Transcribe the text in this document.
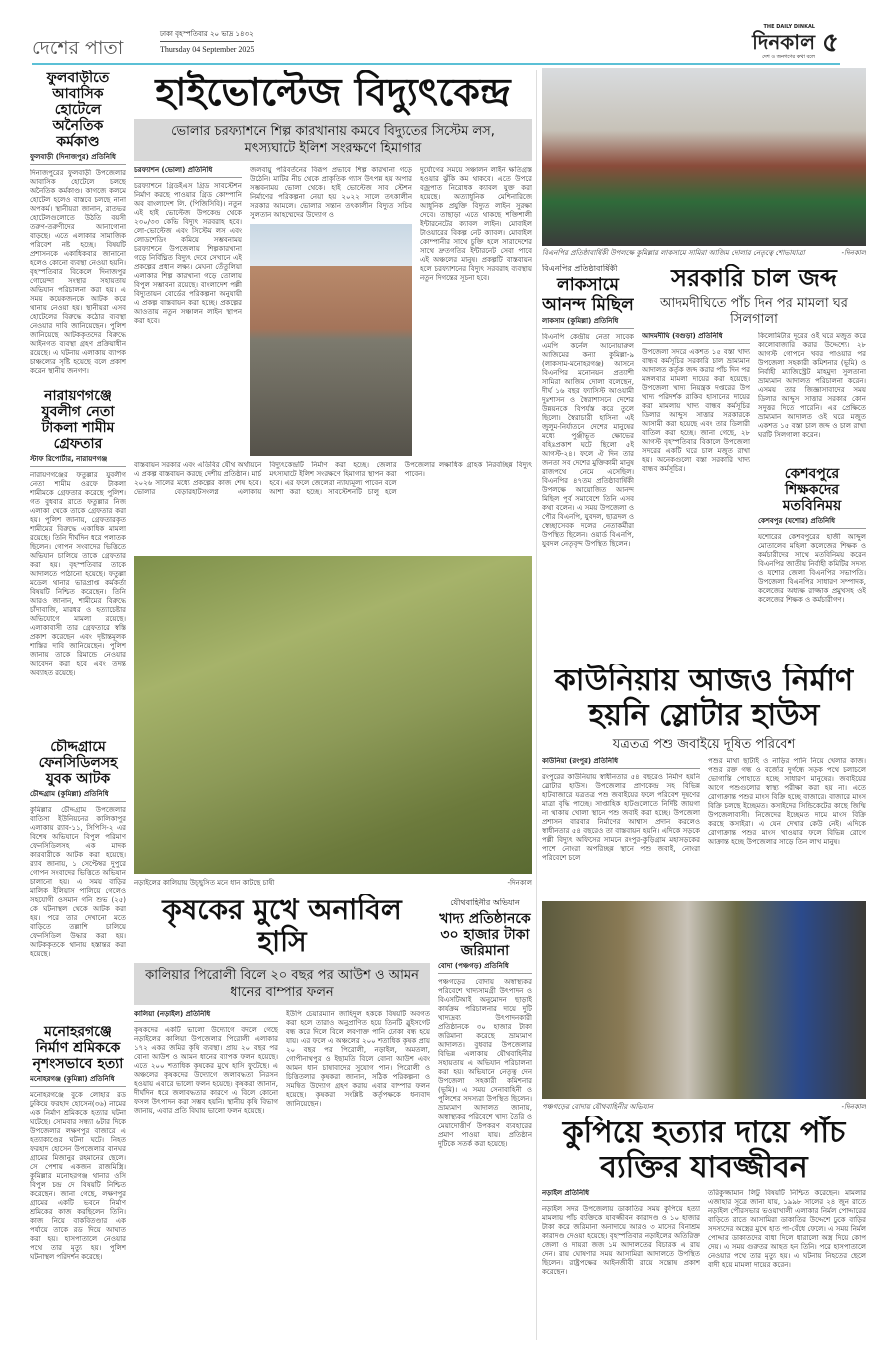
দেশের পাতা
ঢাকা বৃহস্পতিবার ২০ ভাদ্র ১৪৩২
Thursday 04 September 2025
THE DAILY DINKAL
দিনকাল
দেশ ও জনগণের কথা বলে ৫
ফুলবাড়ীতে আবাসিক হোটেলে অনৈতিক কর্মকাণ্ড
ফুলবাড়ী (দিনাজপুর) প্রতিনিধি
দিনাজপুরের ফুলবাড়ী উপজেলার আবাসিক হোটেলে চলছে অনৈতিক কর্মকাণ্ড। কাগজে কলমে হোটেল হলেও বাস্তবে চলছে নানা অপকর্ম। স্থানীয়রা জানান, রাতভর হোটেলগুলোতে উঠতি বয়সী তরুণ-তরুণীদের আনাগোনা বাড়ছে। এতে এলাকার সামাজিক পরিবেশ নষ্ট হচ্ছে। বিষয়টি প্রশাসনকে একাধিকবার জানানো হলেও কোনো ব্যবস্থা নেওয়া হয়নি। বৃহস্পতিবার বিকেলে দিনাজপুর গোয়েন্দা সংস্থার সহায়তায় অভিযান পরিচালনা করা হয়। এ সময় কয়েকজনকে আটক করে থানায় নেওয়া হয়। স্থানীয়রা এসব হোটেলের বিরুদ্ধে কঠোর ব্যবস্থা নেওয়ার দাবি জানিয়েছেন। পুলিশ জানিয়েছে আটককৃতদের বিরুদ্ধে আইনগত ব্যবস্থা গ্রহণ প্রক্রিয়াধীন রয়েছে। এ ঘটনায় এলাকায় ব্যাপক চাঞ্চল্যের সৃষ্টি হয়েছে বলে প্রকাশ করেন স্থানীয় জনগণ।
নারায়ণগঞ্জে যুবলীগ নেতা টাকলা শামীম গ্রেফতার
স্টাফ রিপোর্টার, নারায়ণগঞ্জ
নারায়ণগঞ্জের ফতুল্লার যুবলীগ নেতা শামীম ওরফে টাকলা শামীমকে গ্রেফতার করেছে পুলিশ। গত বুধবার রাতে ফতুল্লার নিজ এলাকা থেকে তাকে গ্রেফতার করা হয়। পুলিশ জানায়, গ্রেফতারকৃত শামীমের বিরুদ্ধে একাধিক মামলা রয়েছে। তিনি দীর্ঘদিন ধরে পলাতক ছিলেন। গোপন সংবাদের ভিত্তিতে অভিযান চালিয়ে তাকে গ্রেফতার করা হয়। বৃহস্পতিবার তাকে আদালতে পাঠানো হয়েছে। ফতুল্লা মডেল থানার ভারপ্রাপ্ত কর্মকর্তা বিষয়টি নিশ্চিত করেছেন। তিনি আরও জানান, শামীমের বিরুদ্ধে চাঁদাবাজি, মারধর ও হত্যাচেষ্টার অভিযোগে মামলা রয়েছে। এলাকাবাসী তার গ্রেফতারে স্বস্তি প্রকাশ করেছেন এবং দৃষ্টান্তমূলক শাস্তির দাবি জানিয়েছেন। পুলিশ জানায় তাকে রিমান্ডে নেওয়ার আবেদন করা হবে এবং তদন্ত অব্যাহত রয়েছে।
চৌদ্দগ্রামে ফেনসিডিলসহ যুবক আটক
চৌদ্দগ্রাম (কুমিল্লা) প্রতিনিধি
কুমিল্লার চৌদ্দগ্রাম উপজেলার বাতিসা ইউনিয়নের কালিকাপুর এলাকায় র‍্যাব-১১, সিপিসি-২ এর বিশেষ অভিযানে বিপুল পরিমাণ ফেনসিডিলসহ এক মাদক কারবারীকে আটক করা হয়েছে। র‍্যাব জানায়, ১ সেপ্টেম্বর দুপুরে গোপন সংবাদের ভিত্তিতে অভিযান চালানো হয়। এ সময় বাড়ির মালিক ইলিয়াস পালিয়ে গেলেও সহযোগী ওসমান গনি শুভ (২৫) কে ঘটনাস্থল থেকে আটক করা হয়। পরে তার দেখানো মতে বাড়িতে তল্লাশি চালিয়ে ফেনসিডিল উদ্ধার করা হয়। আটককৃতকে থানায় হস্তান্তর করা হয়েছে।
মনোহরগঞ্জে নির্মাণ শ্রমিককে নৃশংসভাবে হত্যা
মনোহরগঞ্জ (কুমিল্লা) প্রতিনিধি
মনোহরগঞ্জে বুকে লোহার রড ঢুকিয়ে ফরহাদ হোসেন(৩৬) নামের এক নির্মাণ শ্রমিককে হত্যার ঘটনা ঘটেছে। সোমবার সন্ধ্যা ৬টার দিকে উপজেলার লক্ষণপুর বাজারে এ হত্যাকাণ্ডের ঘটনা ঘটে। নিহত ফরহাদ হোসেন উপজেলার বানঘর গ্রামের মিজানুর রহমানের ছেলে। সে পেশায় একজন রাজমিস্ত্রি। কুমিল্লার মনোহরগঞ্জ থানার ওসি বিপুল চন্দ্র দে বিষয়টি নিশ্চিত করেছেন। জানা গেছে, লক্ষণপুর গ্রামের একটি ভবনে নির্মাণ শ্রমিকের কাজ করছিলেন তিনি। কাজ নিয়ে বাকবিতণ্ডার এক পর্যায়ে তাকে রড দিয়ে আঘাত করা হয়। হাসপাতালে নেওয়ার পথে তার মৃত্যু হয়। পুলিশ ঘটনাস্থল পরিদর্শন করেছে।
হাইভোল্টেজ বিদ্যুৎকেন্দ্র
ভোলার চরফ্যাশনে শিল্প কারখানায় কমবে বিদ্যুতের সিস্টেম লস, মৎস্যঘাটে ইলিশ সংরক্ষণে হিমাগার
চরফ্যাশন (ভোলা) প্রতিনিধি
চরফ্যাশনে গ্রিডইএস গ্রিড সাবস্টেশন নির্মাণ করছে পাওয়ার গ্রিড কোম্পানি অব বাংলাদেশ লি. (পিজিসিবি)। নতুন এই হাই ভোল্টেজ উপকেন্দ্র থেকে ২৩০/৩৩ কেভি বিদ্যুৎ সরবরাহ হবে। লো-ভোল্টেজ এবং সিস্টেম লস এবং লোডশেডিং কমিয়ে সম্ভবনাময় চরফ্যাশনে উপজেলায় শিল্পকারখানা গড়ে নির্বিঘ্নিত বিদ্যুৎ দেবে সেখানে এই প্রকল্পের প্রধান লক্ষ্য। মেঘনা তেঁতুলিয়া এলাকার শিল্প কারখানা গড়ে তোলায় বিপুল সম্ভাবনা রয়েছে। বাংলাদেশ পল্লী বিদ্যুতায়ন বোর্ডের পরিকল্পনা অনুযায়ী এ প্রকল্প বাস্তবায়ন করা হচ্ছে। প্রকল্পের আওতায় নতুন সঞ্চালন লাইন স্থাপন করা হবে।
জলবায়ু পরিবর্তনের বিরূপ প্রভাবে শিল্প কারখানা গড়ে উঠেনি। মাটির নীচ থেকে প্রাকৃতিক গ্যাস উৎপন্ন হয় অপার সম্ভবনাময় ভোলা থেকে। হাই ভোল্টেজ সাব স্টেশন নির্মাণের পরিকল্পনা নেয়া হয় ২০২২ সালে তৎকালীন সরকার আমলে। ভোলার সন্তান তৎকালীন বিদ্যুত সচিব সুলতান আহম্মেদের উদ্যোগ ও
দুর্যোগের সময়ে সঞ্চালন লাইন ক্ষতিগ্রস্ত হওয়ার ঝুঁকি কম থাকবে। এতে উপরে বজ্রপাত নিরোধক ক্যাবল যুক্ত করা হয়েছে। অত্যাধুনিক মেশিনারিজে আধুনিক প্রযুক্তি বিদ্যুত লাইন সুরক্ষা দেবে। তাছাড়া এতে থাকছে শক্তিশালী ইন্টারনেটের ক্যাবল লাইন। মোবাইল টাওয়ারের বিকল্প নেট ক্যাবল। মোবাইল কোম্পানীর সাথে চুক্তি হলে সারাদেশের সাথে দ্রুতগতির ইন্টারনেট সেবা পাবে এই অঞ্চলের মানুষ। প্রকল্পটি বাস্তবায়ন হলে চরফ্যাশনের বিদ্যুৎ সরবরাহ ব্যবস্থায় নতুন দিগন্তের সূচনা হবে।
বাস্তবায়ন সরকার এবং এডিবির যৌথ অর্থায়নে এ প্রকল্প বাস্তবায়ন করছে দেশীয় প্রতিষ্ঠান। মার্চ ২০২৬ সালের মধ্যে প্রকল্পের কাজ শেষ হবে। ভোলার বেড়ারহাটসংলগ্ন এলাকায় বিদ্যুৎকেন্দ্রটি নির্মাণ করা হচ্ছে। জেলার মৎস্যঘাটে ইলিশ সংরক্ষণে হিমাগার স্থাপন করা হবে। এর ফলে জেলেরা ন্যায্যমূল্য পাবেন বলে আশা করা হচ্ছে। সাবস্টেশনটি চালু হলে উপজেলার লক্ষাধিক গ্রাহক নিরবচ্ছিন্ন বিদ্যুৎ পাবেন।
নড়াইলের কালিয়ায় উচ্ছ্বসিত মনে ধান কাটছে চাষী	-দিনকাল
বিএনপির প্রতিষ্ঠাবার্ষিকী উপলক্ষে কুমিল্লার লাকসামে সামিরা আজিম দোলার নেতৃত্বে শোভাযাত্রা	-দিনকাল
বিএনপির প্রতিষ্ঠাবার্ষিকী
লাকসামে আনন্দ মিছিল
লাকসাম (কুমিল্লা) প্রতিনিধি
বিএনপি কেন্দ্রীয় নেতা সাবেক এমপি কর্নেল আনোয়ারুল আজিমের কন্যা কুমিল্লা-৯ (লাকসাম-মনোহরগঞ্জ) আসনে বিএনপির মনোনয়ন প্রত্যাশী সামিরা আজিম দোলা বলেছেন, দীর্ঘ ১৬ বছর ফ্যাসিস্ট আওয়ামী দুঃশাসন ও স্বৈরাশাসনে দেশের উন্নয়নকে বিপর্যস্ত করে তুলে ছিলো। স্বৈরাচারী হাসিনা এই জুলুম-নির্যাতনে দেশের মানুষের মধ্যে পুঞ্জীভূত ক্ষোভের বহিঃপ্রকাশ ঘটে ছিলো ৫ই আগস্ট-২৪। ফলে ঐ দিন তার জনতা সব দেশের মুক্তিকামী মানুষ রাজপথে নেমে এসেছিল। বিএনপির ৪৭তম প্রতিষ্ঠাবার্ষিকী উপলক্ষে আয়োজিত আনন্দ মিছিল পূর্ব সমাবেশে তিনি এসব কথা বলেন। এ সময় উপজেলা ও পৌর বিএনপি, যুবদল, ছাত্রদল ও স্বেচ্ছাসেবক দলের নেতাকর্মীরা উপস্থিত ছিলেন। ওয়ার্ড বিএনপি, যুবদল নেতৃবৃন্দ উপস্থিত ছিলেন।
সরকারি চাল জব্দ
আদমদীঘিতে পাঁচ দিন পর মামলা ঘর সিলগালা
আদমদীঘি (বগুড়া) প্রতিনিধি
উপজেলা সদরে একশত ১৫ বস্তা খাদ্য বান্ধব কর্মসূচির সরকারি চাল ভ্রাম্যমান আদালত কর্তৃক জব্দ করার পাঁচ দিন পর মঙ্গলবার মামলা দায়ের করা হয়েছে। উপজেলা খাদ্য নিয়ন্ত্রক দপ্তরের উপ খাদ্য পরিদর্শক রাকিব হাসানের দায়ের করা মামলায় খাদ্য বান্ধব কর্মসূচির ডিলার আব্দুস সাত্তার সরকারকে আসামী করা হয়েছে এবং তার ডিলারী বাতিল করা হচ্ছে। জানা গেছে, ২৮ আগস্ট বৃহস্পতিবার বিকালে উপজেলা সদরের একটি ঘরে চাল মজুত রাখা হয়। অনেকগুলো বস্তা সরকারি খাদ্য বান্ধব কর্মসূচির।
কিলোমিটার দূরের ওই ঘরে মজুত করে কালোবাজারি করার উদ্দেশ্যে। ২৮ আগস্ট গোপনে খবর পাওয়ার পর উপজেলা সহকারী কমিশনার (ভূমি) ও নির্বাহী ম্যাজিস্ট্রেট মাহমুদা সুলতানা ভ্রাম্যমান আদালত পরিচালনা করেন। এসময় তার জিজ্ঞাসাবাদের সময় ডিলার আব্দুস সাত্তার সরকার কোন সদুত্তর দিতে পারেনি। এর প্রেক্ষিতে ভ্রাম্যমান আদালত ওই ঘরে মজুত একশত ১৫ বস্তা চাল জব্দ ও চাল রাখা ঘরটি সিলগালা করেন।
কেশবপুরে শিক্ষকদের মতবিনিময়
কেশবপুর (যশোর) প্রতিনিধি
যশোরের কেশবপুরের হাজী আব্দুল মোতালেব মহিলা কলেজের শিক্ষক ও কর্মচারীদের সাথে মতবিনিময় করেন বিএনপির জাতীয় নির্বাহী কমিটির সদস্য ও যশোর জেলা বিএনপির সভাপতি। উপজেলা বিএনপির সাধারণ সম্পাদক, কলেজের অধ্যক্ষ রাজ্জাক প্রমুখসহ ওই কলেজের শিক্ষক ও কর্মচারীগণ।
কাউনিয়ায় আজও নির্মাণ হয়নি স্লোটার হাউস
যত্রতত্র পশু জবাইয়ে দূষিত পরিবেশ
কাউনিয়া (রংপুর) প্রতিনিধি
রংপুরের কাউনিয়ায় স্বাধীনতার ৫৪ বছরেও নির্মাণ হয়নি স্লোটার হাউস। উপজেলার প্রাণকেন্দ্র সহ বিভিন্ন হাটবাজারে যত্রতত্র পশু জবাইয়ের ফলে পরিবেশ দূষণের মাত্রা বৃদ্ধি পাচ্ছে। সাপ্তাহিক হাটগুলোতে নির্দিষ্ট জায়গা না থাকায় খোলা স্থানে পশু জবাই করা হচ্ছে। উপজেলা প্রশাসন বারবার নির্মাণের আশ্বাস প্রদান করলেও স্বাধীনতার ৫৪ বছরেও তা বাস্তবায়ন হয়নি। এদিকে সড়কে পল্লী বিদ্যুৎ অফিসের সামনে রংপুর-কুড়িগ্রাম মহাসড়কের পাশে নোংরা অপরিচ্ছন্ন স্থানে পশু জবাই, নোংরা পরিবেশে চলে
পশুর মাথা ছাটাই ও নাড়ির পানি নিয়ে খেলার কাজ। পশুর রক্ত গন্ধ ও বর্জ্যের দুর্গন্ধে সড়ক পথে চলাচলে ভোগান্তি পোহাতে হচ্ছে সাধারণ মানুষের। জবাইয়ের আগে পশুগুলোর স্বাস্থ্য পরীক্ষা করা হয় না। এতে রোগাক্রান্ত পশুর মাংস বিক্রি হচ্ছে বাজারে। বাজারে মাংস বিক্রি চলছে ইচ্ছেমত। কসাইদের সিন্ডিকেটের কাছে জিম্মি উপজেলাবাসী। নিজেদের ইচ্ছেমত দামে মাংস বিক্রি করছে কসাইরা। এ যেন দেখার কেউ নেই। এদিকে রোগাক্রান্ত পশুর মাংস খাওয়ার ফলে বিভিন্ন রোগে আক্রান্ত হচ্ছে উপজেলার সাড়ে তিন লাখ মানুষ।
পঞ্চগড়ের বোদায় যৌথবাহিনীর অভিযান	-দিনকাল
কুপিয়ে হত্যার দায়ে পাঁচ ব্যক্তির যাবজ্জীবন
নড়াইল প্রতিনিধি
নড়াইল সদর উপজেলায় ডাকাতির সময় কুপিয়ে হত্যা মামলায় পাঁচ ব্যক্তিকে যাবজ্জীবন কারাদণ্ড ও ১০ হাজার টাকা করে জরিমানা অনাদায়ে আরও ৩ মাসের বিনাশ্রম কারাদণ্ড দেওয়া হয়েছে। বৃহস্পতিবার নড়াইলের অতিরিক্ত জেলা ও দায়রা জজ ১ম আদালতের বিচারক এ রায় দেন। রায় ঘোষণার সময় আসামিরা আদালতে উপস্থিত ছিলেন। রাষ্ট্রপক্ষের আইনজীবী রায়ে সন্তোষ প্রকাশ করেছেন।
তরিকুজ্জামান লিটু বিষয়টি নিশ্চিত করেছেন। মামলার এজাহার সূত্রে জানা যায়, ১৯৯৮ সালের ২৪ জুন রাতে নড়াইল পৌরসভার ভওয়াখালী এলাকার নির্মল পোদ্দারের বাড়িতে রাতে আসামিরা ডাকাতির উদ্দেশে ঢুকে বাড়ির সদস্যদের অস্ত্রের মুখে হাত পা-বেঁধে ফেলে। এ সময় নির্মল পোদ্দার ডাকাতদের বাধা দিলে ধারালো অস্ত্র দিয়ে কোপ দেয়। এ সময় গুরুতর আহত হন তিনি। পরে হাসপাতালে নেওয়ার পথে তার মৃত্যু হয়। এ ঘটনায় নিহতের ছেলে বাদী হয়ে মামলা দায়ের করেন।
কৃষকের মুখে অনাবিল হাসি
কালিয়ার পিরোলী বিলে ২০ বছর পর আউশ ও আমন ধানের বাম্পার ফলন
কালিয়া (নড়াইল) প্রতিনিধি
কৃষকদের একটি ভালো উদ্যোগে বদলে গেছে নড়াইলের কালিয়া উপজেলার পিরোলী এলাকার ১৭২ একর জমির কৃষি ব্যবস্থা। প্রায় ২০ বছর পর বোনা আউশ ও আমন ধানের ব্যাপক ফলন হয়েছে। এতে ২০০ শতাধিক কৃষকের মুখে হাসি ফুটেছে। এ অঞ্চলের কৃষকদের উদ্যোগে জলাবদ্ধতা নিরসন হওয়ায় এবারে ভালো ফলন হয়েছে। কৃষকরা জানান, দীর্ঘদিন ধরে জলাবদ্ধতার কারণে এ বিলে কোনো ফসল উৎপাদন করা সম্ভব হয়নি। স্থানীয় কৃষি বিভাগ জানায়, এবার প্রতি বিঘায় ভালো ফলন হয়েছে।
ইউপি চেয়ারম্যান জাহিদুল হককে বিষয়টি অবগত করা হলে তারাও অনুপ্রাণিত হয়ে তিনটি স্লুইসগেট বন্ধ করে দিলে বিলে লবণাক্ত পানি ঢোকা বন্ধ হয়ে যায়। এর ফলে এ অঞ্চলের ২০০ শতাধিক কৃষক প্রায় ২০ বছর পর পিরোলী, নড়াইল, অমতলা, গোপীনাথপুর ও ইছামতি বিলে বোনা আউশ এবং আমন ধান চাষাবাদের সুযোগ পান। পিরোলী ও চিত্তিতলার কৃষকরা জানান, সঠিক পরিকল্পনা ও সমন্বিত উদ্যোগ গ্রহণ করায় এবার বাম্পার ফলন হয়েছে। কৃষকরা সংশ্লিষ্ট কর্তৃপক্ষকে ধন্যবাদ জানিয়েছেন।
যৌথবাহিনীর অভিযান
খাদ্য প্রতিষ্ঠানকে ৩০ হাজার টাকা জরিমানা
বোদা (পঞ্চগড়) প্রতিনিধি
পঞ্চগড়ের বোদায় অস্বাস্থ্যকর পরিবেশে খাদ্যসামগ্রী উৎপাদন ও বিএসটিআই অনুমোদন ছাড়াই কার্যক্রম পরিচালনার দায়ে দুটি খাদ্যদ্রব্য উৎপাদনকারী প্রতিষ্ঠানকে ৩০ হাজার টাকা জরিমানা করেছে ভ্রাম্যমাণ আদালত। বুধবার উপজেলার বিভিন্ন এলাকায় যৌথবাহিনীর সহায়তায় এ অভিযান পরিচালনা করা হয়। অভিযানে নেতৃত্ব দেন উপজেলা সহকারী কমিশনার (ভূমি)। এ সময় সেনাবাহিনী ও পুলিশের সদস্যরা উপস্থিত ছিলেন। ভ্রাম্যমাণ আদালত জানায়, অস্বাস্থ্যকর পরিবেশে খাদ্য তৈরি ও মেয়াদোত্তীর্ণ উপকরণ ব্যবহারের প্রমাণ পাওয়া যায়। প্রতিষ্ঠান দুটিকে সতর্ক করা হয়েছে।
